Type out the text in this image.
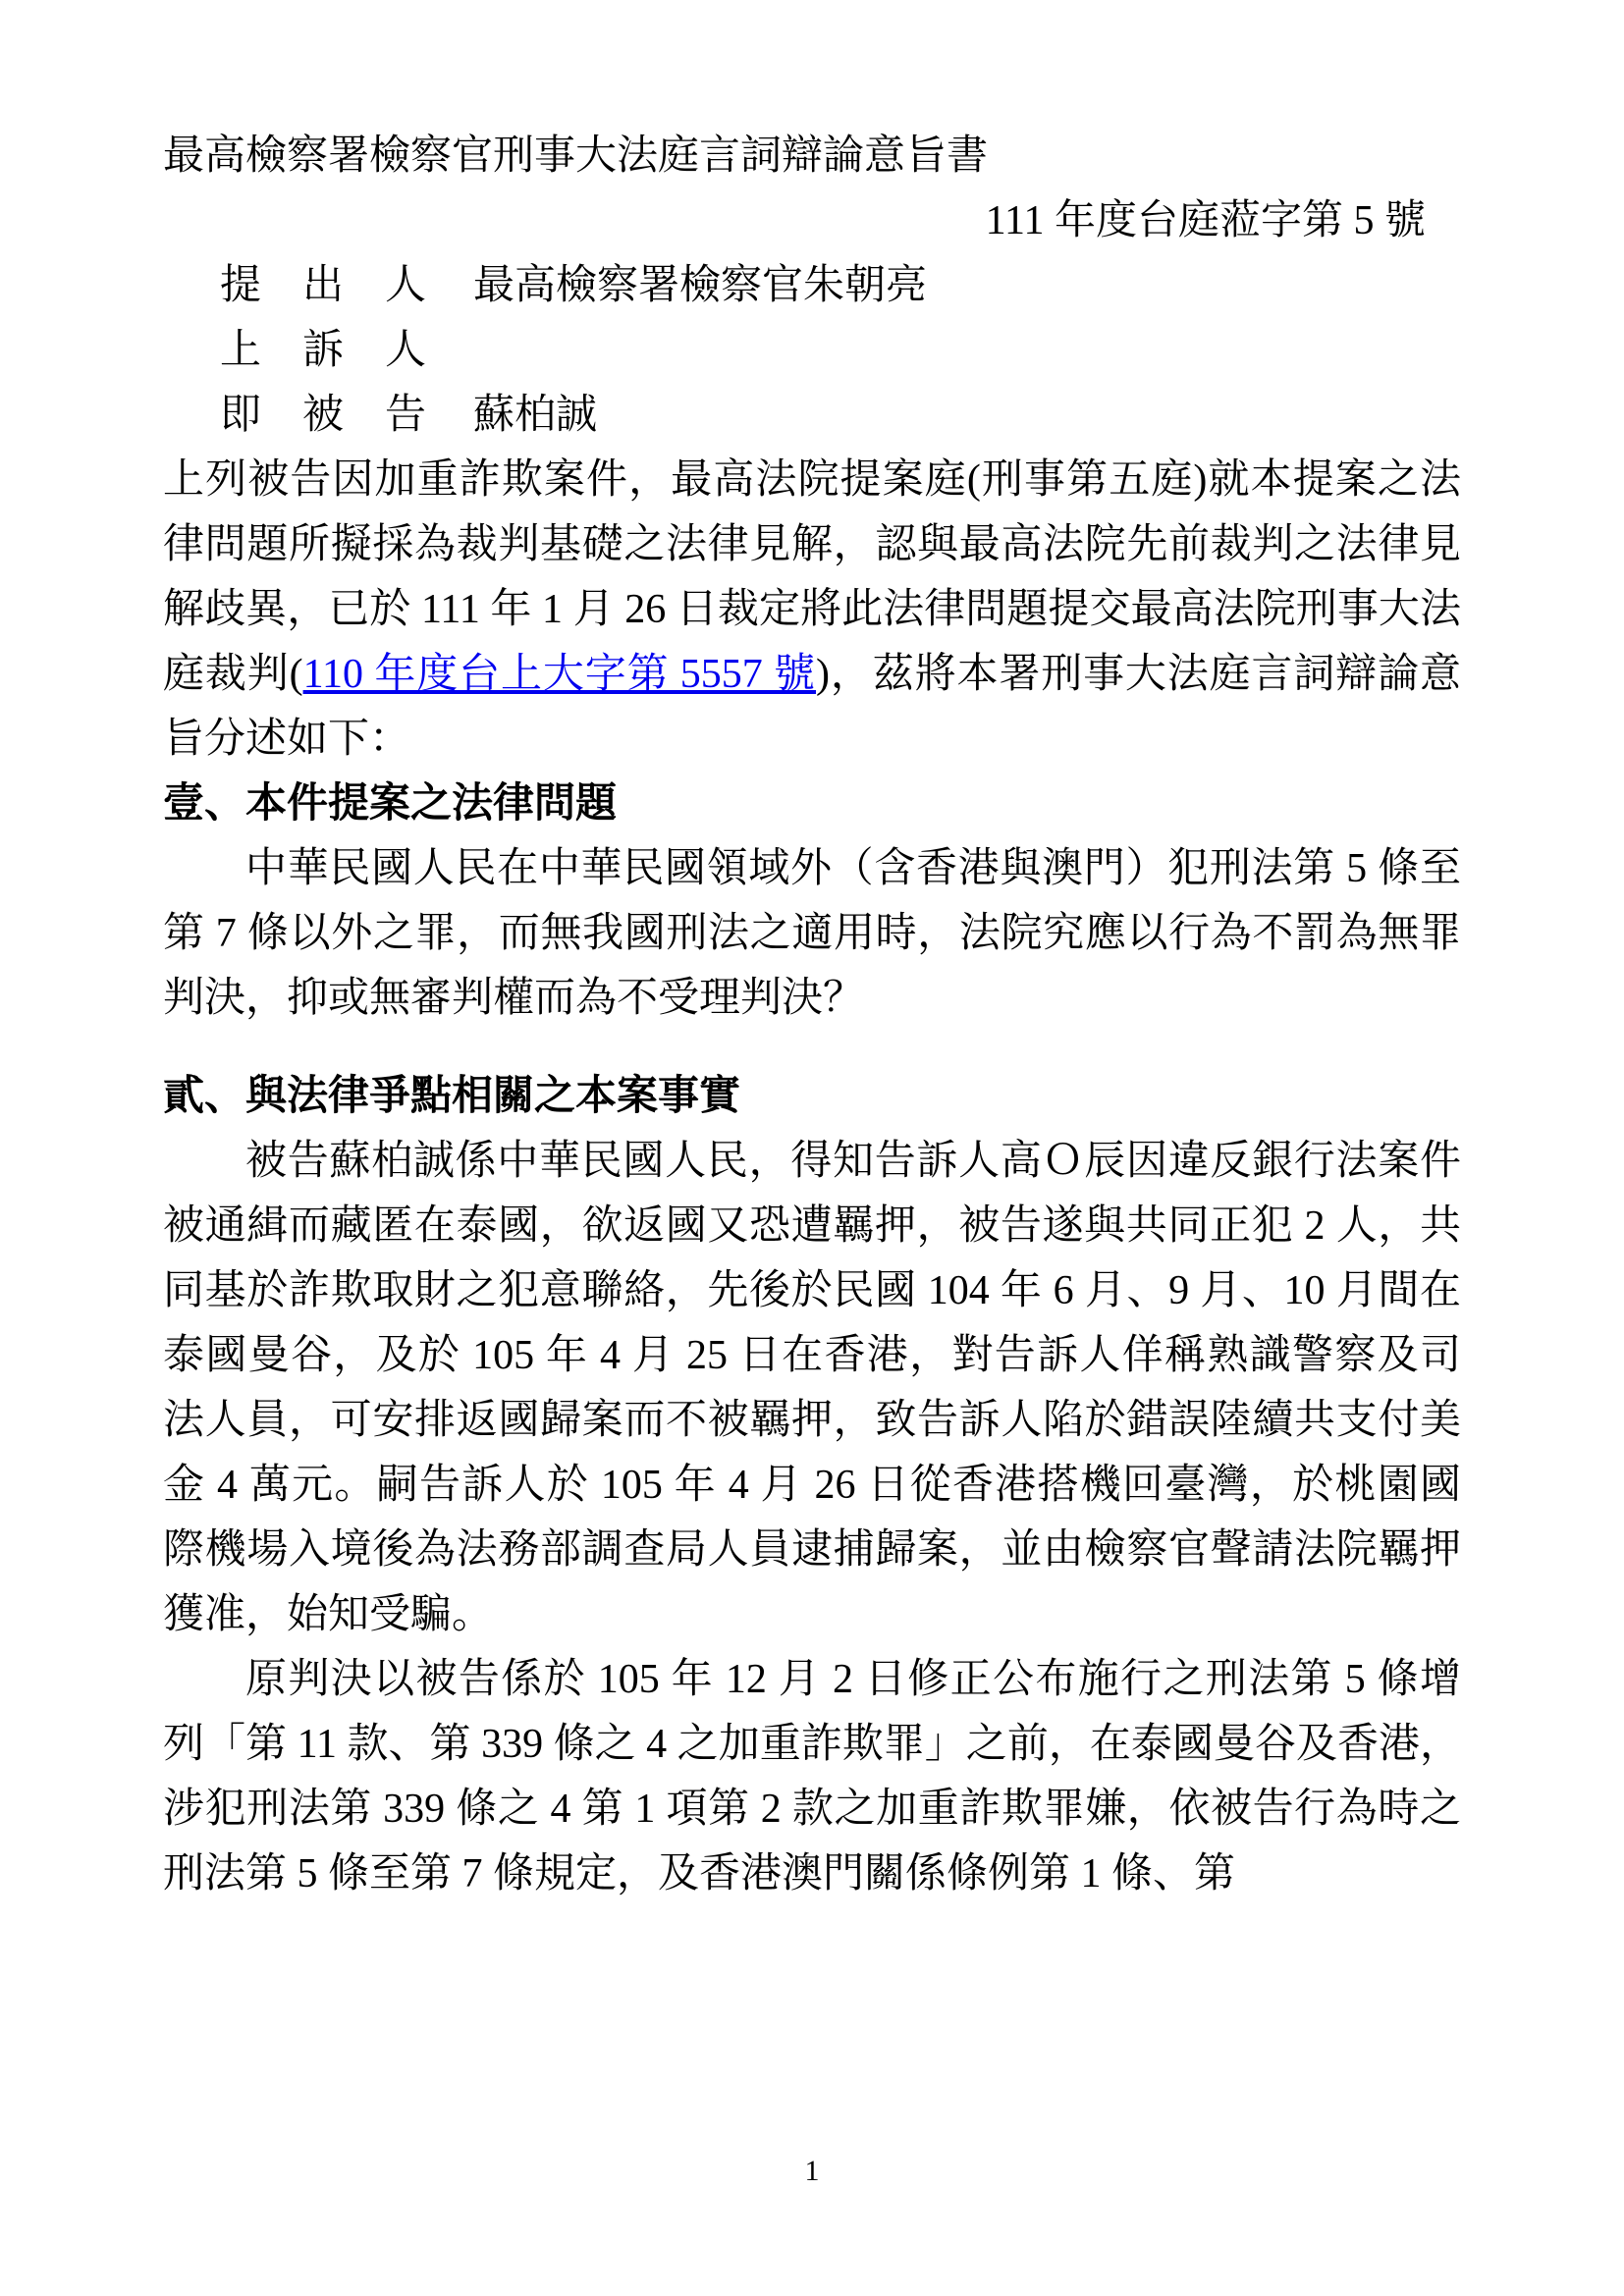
最高檢察署檢察官刑事大法庭言詞辯論意旨書
111 年度台庭蒞字第 5 號
提　出　人 最高檢察署檢察官朱朝亮
上　訴　人
即　被　告 蘇柏誠

上列被告因加重詐欺案件，最高法院提案庭(刑事第五庭)就本提案之法律問題所擬採為裁判基礎之法律見解，認與最高法院先前裁判之法律見解歧異，已於 111 年 1 月 26 日裁定將此法律問題提交最高法院刑事大法庭裁判(110 年度台上大字第 5557 號)，茲將本署刑事大法庭言詞辯論意旨分述如下：

壹、本件提案之法律問題

中華民國人民在中華民國領域外（含香港與澳門）犯刑法第 5 條至第 7 條以外之罪，而無我國刑法之適用時，法院究應以行為不罰為無罪判決，抑或無審判權而為不受理判決？

貳、與法律爭點相關之本案事實

被告蘇柏誠係中華民國人民，得知告訴人高Ｏ辰因違反銀行法案件被通緝而藏匿在泰國，欲返國又恐遭羈押，被告遂與共同正犯 2 人，共同基於詐欺取財之犯意聯絡，先後於民國 104 年 6 月、9 月、10 月間在泰國曼谷，及於 105 年 4 月 25 日在香港，對告訴人佯稱熟識警察及司法人員，可安排返國歸案而不被羈押，致告訴人陷於錯誤陸續共支付美金 4 萬元。嗣告訴人於 105 年 4 月 26 日從香港搭機回臺灣，於桃園國際機場入境後為法務部調查局人員逮捕歸案，並由檢察官聲請法院羈押獲准，始知受騙。

原判決以被告係於 105 年 12 月 2 日修正公布施行之刑法第 5 條增列「第 11 款、第 339 條之 4 之加重詐欺罪」之前，在泰國曼谷及香港，涉犯刑法第 339 條之 4 第 1 項第 2 款之加重詐欺罪嫌，依被告行為時之刑法第 5 條至第 7 條規定，及香港澳門關係條例第 1 條、第

1
